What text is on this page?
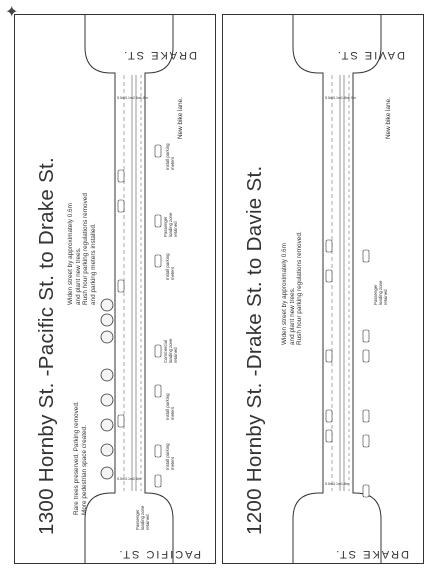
5.5m 3.1m 2.6m 1.8m
5.5m 3.1m 2.6m
1300 Hornby St. -Pacific St. to Drake St.
DRAKE ST.
PACIFIC ST.
Widen street by approximately 0.6m and plant new trees. Rush hour parking regulations removed and parking meters installed.
Rare trees preserved. Parking removed. More pedestrian space created.
New bike lane.
Install parking meters
Passenger loading zone retained
Install parking meters
Commercial loading zone retained
Install parking meters
Install parking meters
Passenger loading zone retained
✦
5.5m 3.1m 1.8m 0.9m
5.5m 3.1m 1.8m
1200 Hornby St. -Drake St. to Davie St.
DAVIE ST.
DRAKE ST.
Widen street by approximately 0.6m and plant new trees. Rush hour parking regulations removed.
New bike lane.
Passenger loading zone retained
